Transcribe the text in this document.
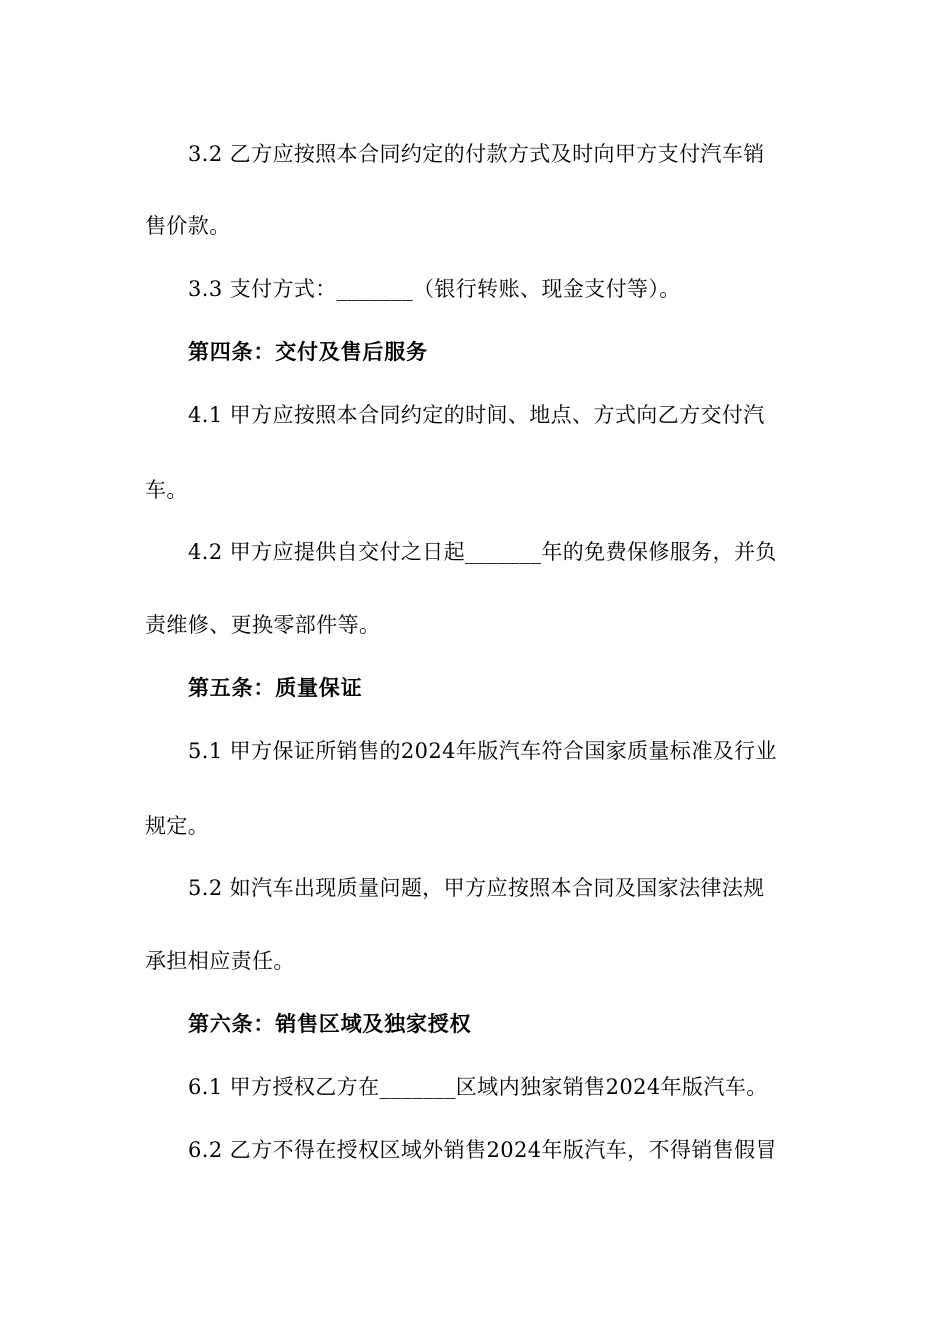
3.2 乙方应按照本合同约定的付款方式及时向甲方支付汽车销
售价款。
3.3 支付方式：_______（银行转账、现金支付等）。
第四条：交付及售后服务
4.1 甲方应按照本合同约定的时间、地点、方式向乙方交付汽
车。
4.2 甲方应提供自交付之日起_______年的免费保修服务，并负
责维修、更换零部件等。
第五条：质量保证
5.1 甲方保证所销售的2024年版汽车符合国家质量标准及行业
规定。
5.2 如汽车出现质量问题，甲方应按照本合同及国家法律法规
承担相应责任。
第六条：销售区域及独家授权
6.1 甲方授权乙方在_______区域内独家销售2024年版汽车。
6.2 乙方不得在授权区域外销售2024年版汽车，不得销售假冒
